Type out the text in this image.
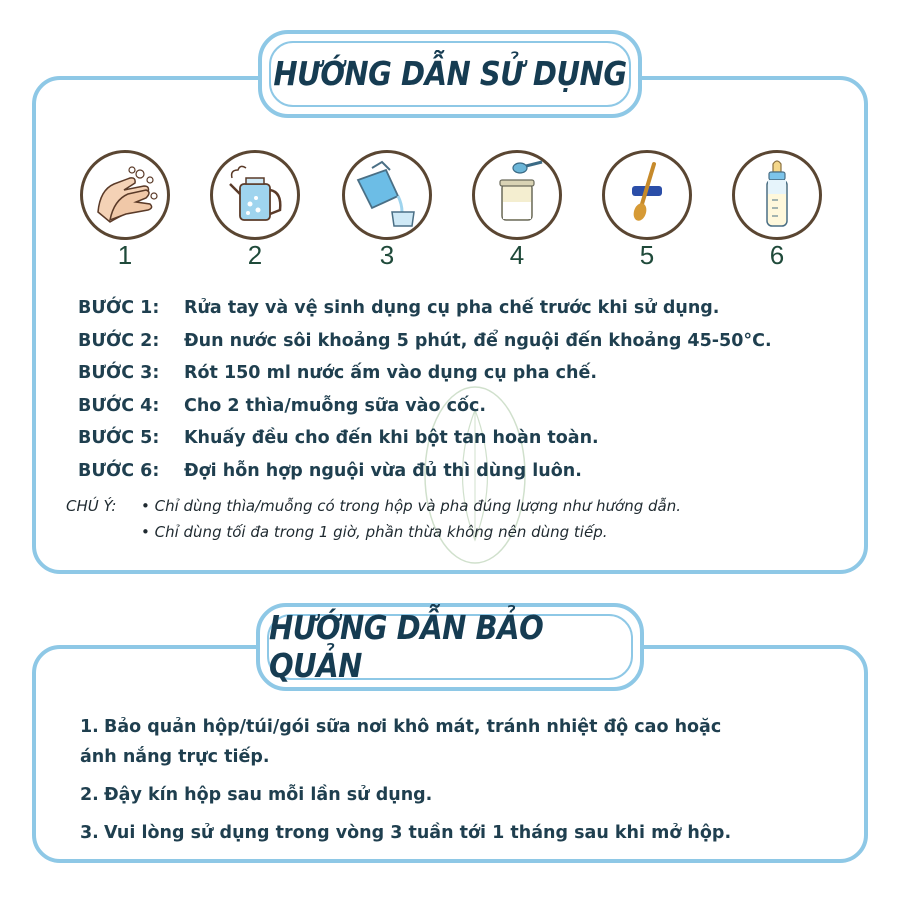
HƯỚNG DẪN SỬ DỤNG
1	2	3	4	5	6
BƯỚC 1: Rửa tay và vệ sinh dụng cụ pha chế trước khi sử dụng.
BƯỚC 2: Đun nước sôi khoảng 5 phút, để nguội đến khoảng 45-50°C.
BƯỚC 3: Rót 150 ml nước ấm vào dụng cụ pha chế.
BƯỚC 4: Cho 2 thìa/muỗng sữa vào cốc.
BƯỚC 5: Khuấy đều cho đến khi bột tan hoàn toàn.
BƯỚC 6: Đợi hỗn hợp nguội vừa đủ thì dùng luôn.
CHÚ Ý: • Chỉ dùng thìa/muỗng có trong hộp và pha đúng lượng như hướng dẫn.
• Chỉ dùng tối đa trong 1 giờ, phần thừa không nên dùng tiếp.
HƯỚNG DẪN BẢO QUẢN
1. Bảo quản hộp/túi/gói sữa nơi khô mát, tránh nhiệt độ cao hoặc
ánh nắng trực tiếp.
2. Đậy kín hộp sau mỗi lần sử dụng.
3. Vui lòng sử dụng trong vòng 3 tuần tới 1 tháng sau khi mở hộp.
